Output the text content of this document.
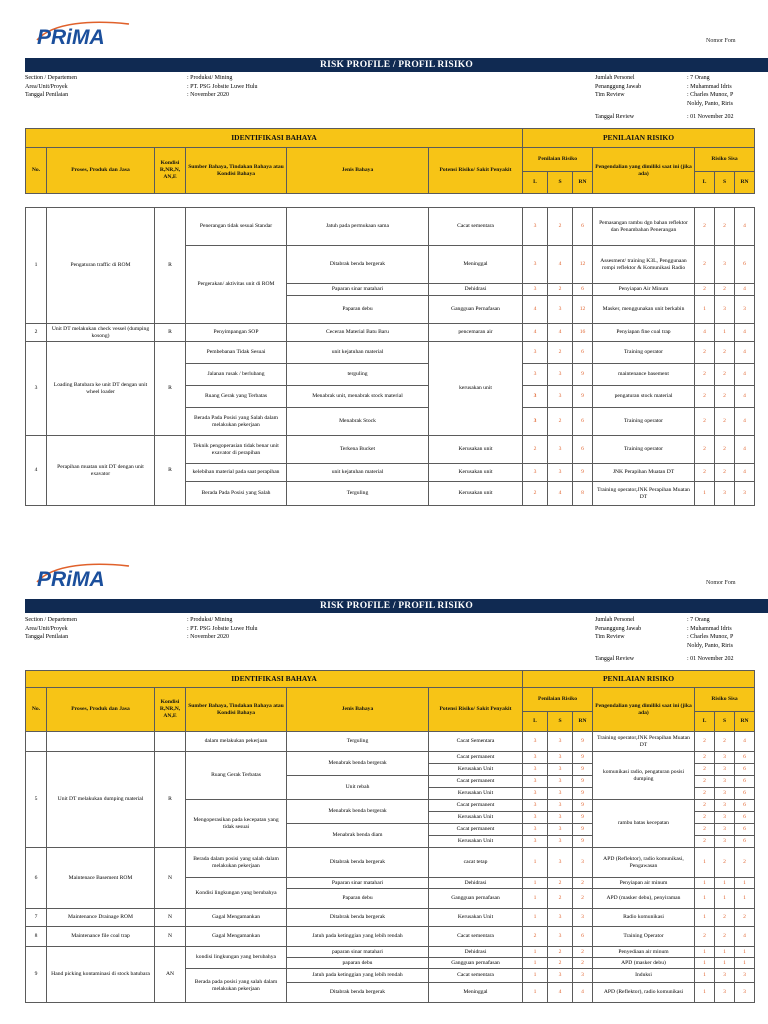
PRiMA	Nomor Fom
RISK PROFILE / PROFIL RISIKO
Section / Departemen
Area/Unit/Proyek
Tanggal Penilaian
: Produksi/ Mining
: PT. PSG Jobsite Luwe Hulu
: November 2020
Jumlah Personel
Penanggung Jawab
Tim Review

Tanggal Review
: 7 Orang
: Muhammad Idris
: Charles Munoz, P
Noldy, Panto, Riris
: 01 November 202
IDENTIFIKASI BAHAYA						PENILAIAN RISIKO						
No.	Proses, Produk dan Jasa	Kondisi R,NR,N, AN,E	Sumber Bahaya, Tindakan Bahaya atau Kondisi Bahaya	Jenis Bahaya	Potensi Risiko/ Sakit Penyakit	Penilaian Risiko			Pengendalian yang dimiliki saat ini (jika ada)	Risiko Sisa		
						L	S	RN		L	S	RN

1	Pengaturan traffic di ROM	R	Penerangan tidak sesuai Standar	Jatuh pada permukaan sama	Cacat sementara	3	2	6	Pemasangan rambu dgn bahan reflektor dan Penambahan Penerangan	2	2	4
			Pergerakan/ aktivitas unit di ROM	Ditabrak benda bergerak	Meninggal	3	4	12	Assesment/ training K3L, Penggunaan rompi reflektor & Komunikasi Radio	2	3	6
				Paparan sinar matahari	Dehidrasi	3	2	6	Penyiapan Air Minum	2	2	4
				Paparan debu	Gangguan Pernafasan	4	3	12	Masker, menggunakan unit berkabin	1	3	3
2	Unit DT melakukan check vessel (dumping kosong)	R	Penyimpangan SOP	Ceceran Material Batu Baru	pencemaran air	4	4	16	Penyiapan fine coal trap	4	1	4
3	Loading Batubara ke unit DT dengan unit wheel loader	R	Pembebanan Tidak Sesuai	unit kejatuhan material	kerusakan unit	3	2	6	Training operator	2	2	4
			Jalanan rusak / berlubang	terguling		3	3	9	maintenance basement	2	2	4
			Ruang Gerak yang Terbatas	Menabrak unit, menabrak stock material		3	3	9	pengaturan stock material	2	2	4
			Berada Pada Posisi yang Salah dalam melakukan pekerjaan	Menabrak Stock		3	2	6	Training operator	2	2	4
4	Perapihan muatan unit DT dengan unit exavator	R	Teknik pengoperasian tidak benar unit exavator di perapihan	Terkena Bucket	Kerusakan unit	2	3	6	Training operator	2	2	4
			kelebihan material pada saat perapihan	unit kejatuhan material	Kerusakan unit	3	3	9	JNK Perapihan Muatan DT	2	2	4
			Berada Pada Posisi yang Salah	Terguling	Kerusakan unit	2	4	8	Training operator,JNK Perapihan Muatan DT	1	3	3
PRiMA	Nomor Fom
RISK PROFILE / PROFIL RISIKO
Section / Departemen
Area/Unit/Proyek
Tanggal Penilaian
: Produksi/ Mining
: PT. PSG Jobsite Luwe Hulu
: November 2020
Jumlah Personel
Penanggung Jawab
Tim Review

Tanggal Review
: 7 Orang
: Muhammad Idris
: Charles Munoz, P
Noldy, Panto, Riris
: 01 November 202
IDENTIFIKASI BAHAYA						PENILAIAN RISIKO						
No.	Proses, Produk dan Jasa	Kondisi R,NR,N, AN,E	Sumber Bahaya, Tindakan Bahaya atau Kondisi Bahaya	Jenis Bahaya	Potensi Risiko/ Sakit Penyakit	Penilaian Risiko			Pengendalian yang dimiliki saat ini (jika ada)	Risiko Sisa		
						L	S	RN		L	S	RN
			dalam melakukan pekerjaan	Terguling	Cacat Sementara	3	3	9	Training operator,JNK Perapihan Muatan DT	2	2	4
5	Unit DT melakukan dumping material	R	Ruang Gerak Terbatas	Menabrak benda bergerak	Cacat permanent	3	3	9	komunikasi radio, pengaturan posisi dumping	2	3	6
					Kerusakan Unit	3	3	9		2	3	6
				Unit rebah	Cacat permanent	3	3	9		2	3	6
					Kerusakan Unit	3	3	9		2	3	6
			Mengoperasikan pada kecepatan yang tidak sesuai	Menabrak benda bergerak	Cacat permanent	3	3	9	rambu batas kecepatan	2	3	6
					Kerusakan Unit	3	3	9		2	3	6
				Menabrak benda diam	Cacat permanent	3	3	9		2	3	6
					Kerusakan Unit	3	3	9		2	3	6
6	Maintenace Basement ROM	N	Berada dalam posisi yang salah dalam melakukan pekerjaan	Ditabrak benda bergerak	cacat tetap	1	3	3	APD (Reflektor), radio komunikasi, Pengawasan	1	2	2
			Kondisi lingkungan yang berubahya	Paparan sinar matahari	Dehidrasi	1	2	2	Penyiapan air minum	1	1	1
				Paparan debu	Gangguan pernafasan	1	2	2	APD (masker debu), penyiraman	1	1	1
7	Maintenance Drainage ROM	N	Gagal Mengamankan	Ditabrak benda bergerak	Kerusakan Unit	1	3	3	Radio komunikasi	1	2	2
8	Maintenance file coal trap	N	Gagal Mengamankan	Jatuh pada ketinggian yang lebih rendah	Cacat sementara	2	3	6	Training Operator	2	2	4
9	Hand picking kontaminasi di stock batubara	AN	kondisi lingkungan yang berubahya	paparan sinar matahari	Dehidrasi	1	2	2	Penyediaan air minum	1	1	1
				paparan debu	Gangguan pernafasan	1	2	2	APD (masker debu)	1	1	1
			Berada pada posisi yang salah dalam melakukan pekerjaan	Jatuh pada ketinggian yang lebih rendah	Cacat sementara	1	3	3	Induksi	1	3	3
				Ditabrak benda bergerak	Meninggal	1	4	4	APD (Reflektor), radio komunikasi	1	3	3
